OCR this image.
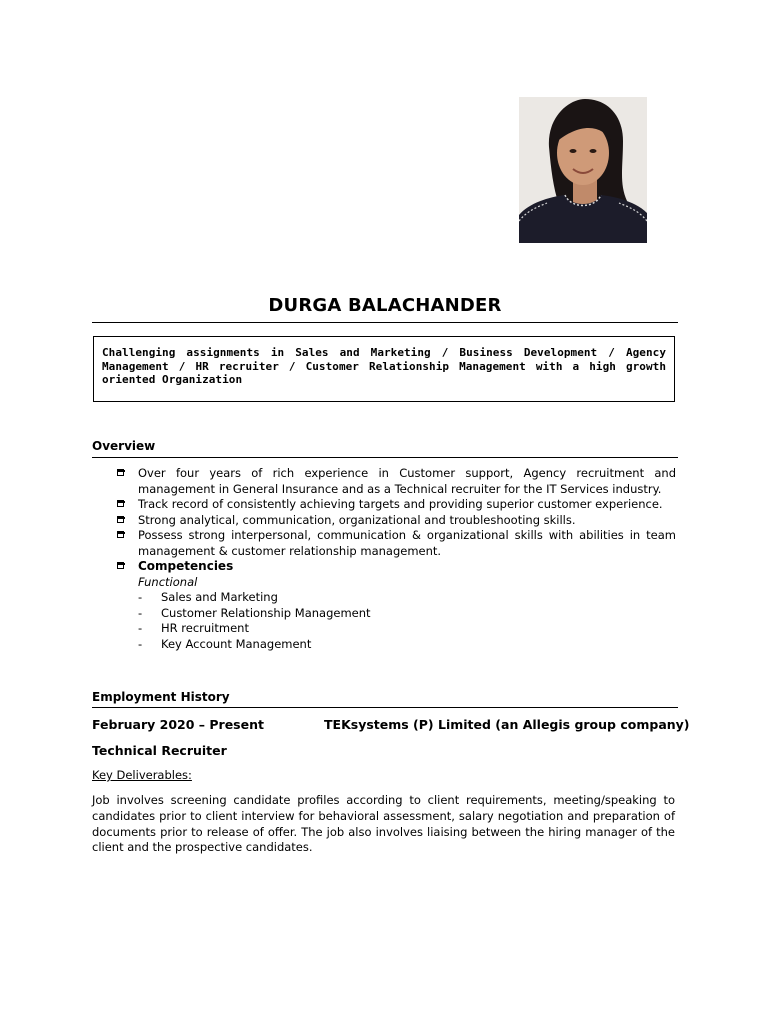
DURGA BALACHANDER
Challenging assignments in Sales and Marketing / Business Development / Agency Management / HR recruiter / Customer Relationship Management with a high growth oriented Organization
Overview
Over four years of rich experience in Customer support, Agency recruitment and management in General Insurance and as a Technical recruiter for the IT Services industry.
Track record of consistently achieving targets and providing superior customer experience.
Strong analytical, communication, organizational and troubleshooting skills.
Possess strong interpersonal, communication & organizational skills with abilities in team management & customer relationship management.
Competencies
Functional
- Sales and Marketing
- Customer Relationship Management
- HR recruitment
- Key Account Management
Employment History
February 2020 – Present	TEKsystems (P) Limited (an Allegis group company)
Technical Recruiter
Key Deliverables:
Job involves screening candidate profiles according to client requirements, meeting/speaking to candidates prior to client interview for behavioral assessment, salary negotiation and preparation of documents prior to release of offer. The job also involves liaising between the hiring manager of the client and the prospective candidates.
